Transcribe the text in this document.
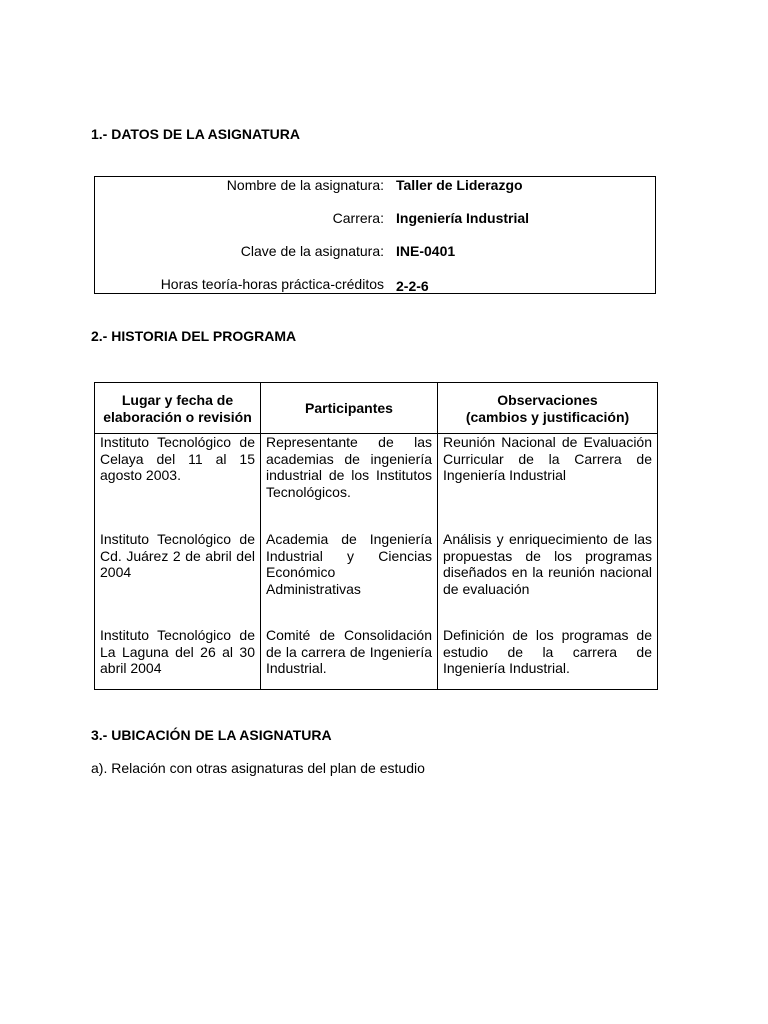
1.- DATOS DE LA ASIGNATURA
Nombre de la asignatura: Taller de Liderazgo
Carrera: Ingeniería Industrial
Clave de la asignatura: INE-0401
Horas teoría-horas práctica-créditos 2-2-6
2.- HISTORIA DEL PROGRAMA
Lugar y fecha de elaboración o revisión	Participantes	Observaciones
(cambios y justificación)

Instituto Tecnológico de Celaya del 11 al 15 agosto 2003.	Representante de las academias de ingeniería industrial de los Institutos Tecnológicos.	Reunión Nacional de Evaluación Curricular de la Carrera de Ingeniería Industrial

Instituto Tecnológico de Cd. Juárez 2 de abril del 2004	Academia de Ingeniería Industrial y Ciencias Económico Administrativas	Análisis y enriquecimiento de las propuestas de los programas diseñados en la reunión nacional de evaluación

Instituto Tecnológico de La Laguna del 26 al 30 abril 2004	Comité de Consolidación de la carrera de Ingeniería Industrial.	Definición de los programas de estudio de la carrera de Ingeniería Industrial.
3.- UBICACIÓN DE LA ASIGNATURA

a). Relación con otras asignaturas del plan de estudio
